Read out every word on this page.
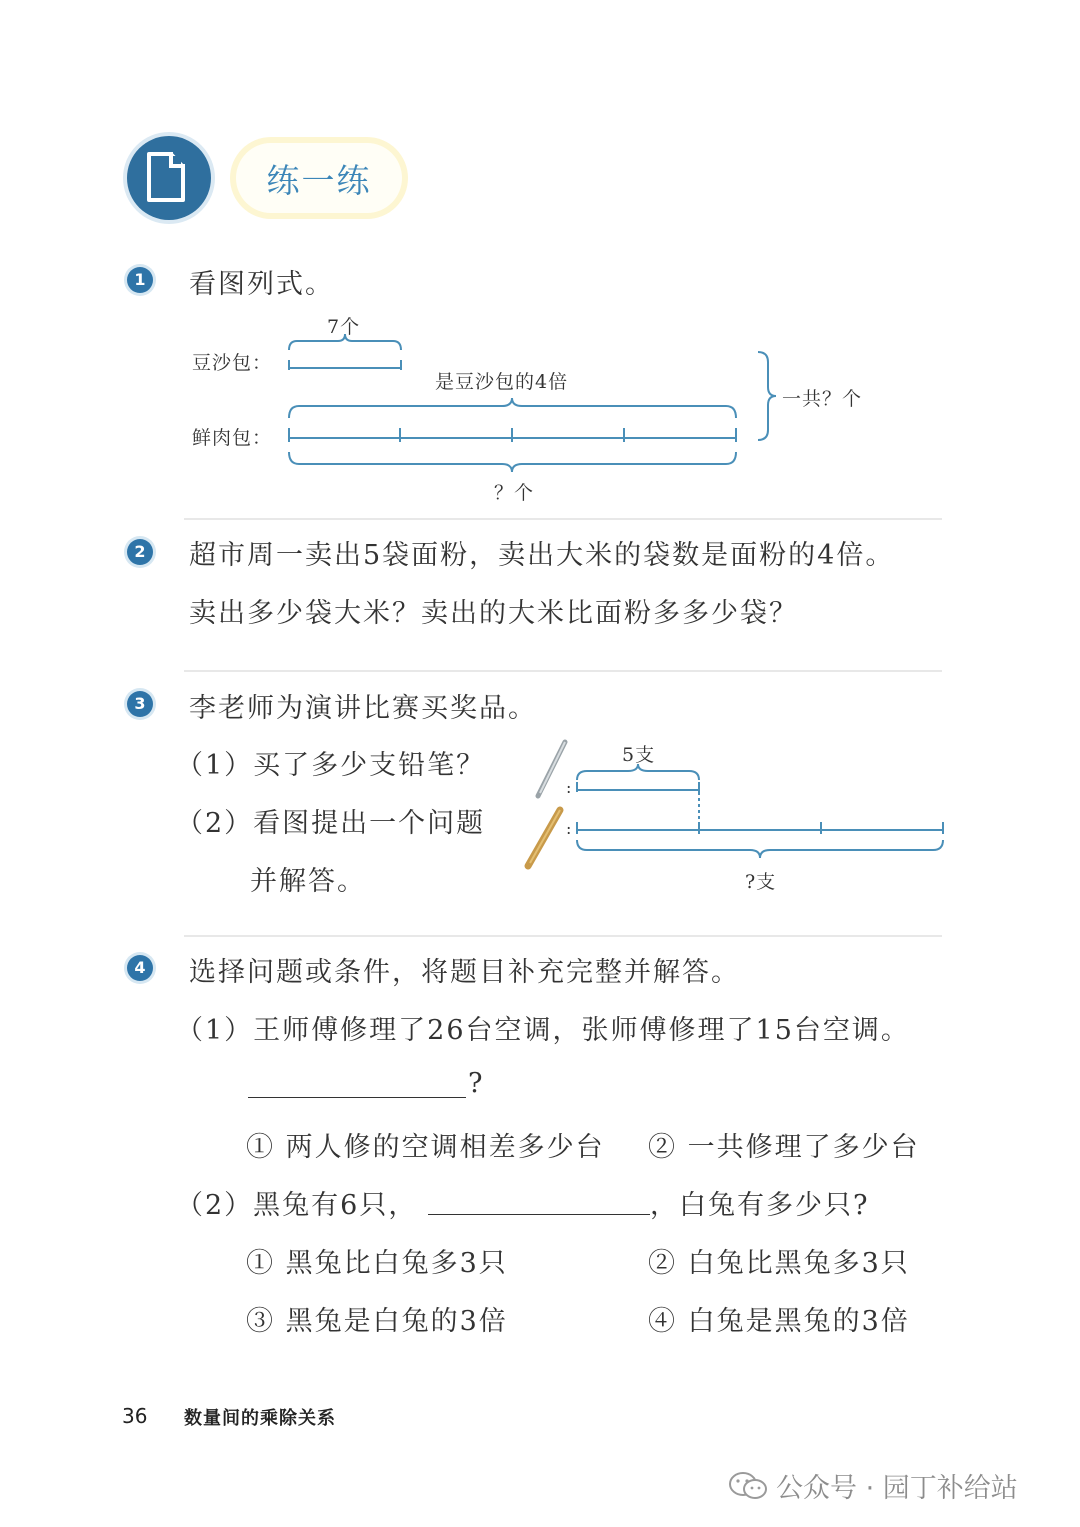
练一练
:
:
1 看图列式。
7个
豆沙包：
是豆沙包的4倍
一共？个
鲜肉包：
？个
2 超市周一卖出5袋面粉，卖出大米的袋数是面粉的4倍。
卖出多少袋大米？卖出的大米比面粉多多少袋？
3 李老师为演讲比赛买奖品。
（1）买了多少支铅笔？
（2）看图提出一个问题
并解答。
5支
?支
4 选择问题或条件，将题目补充完整并解答。
（1）王师傅修理了26台空调，张师傅修理了15台空调。
?
① 两人修的空调相差多少台 ② 一共修理了多少台
（2）黑兔有6只，	，白兔有多少只?
① 黑兔比白兔多3只	② 白兔比黑兔多3只
③ 黑兔是白兔的3倍	④ 白兔是黑兔的3倍
36 数量间的乘除关系
公众号 · 园丁补给站
